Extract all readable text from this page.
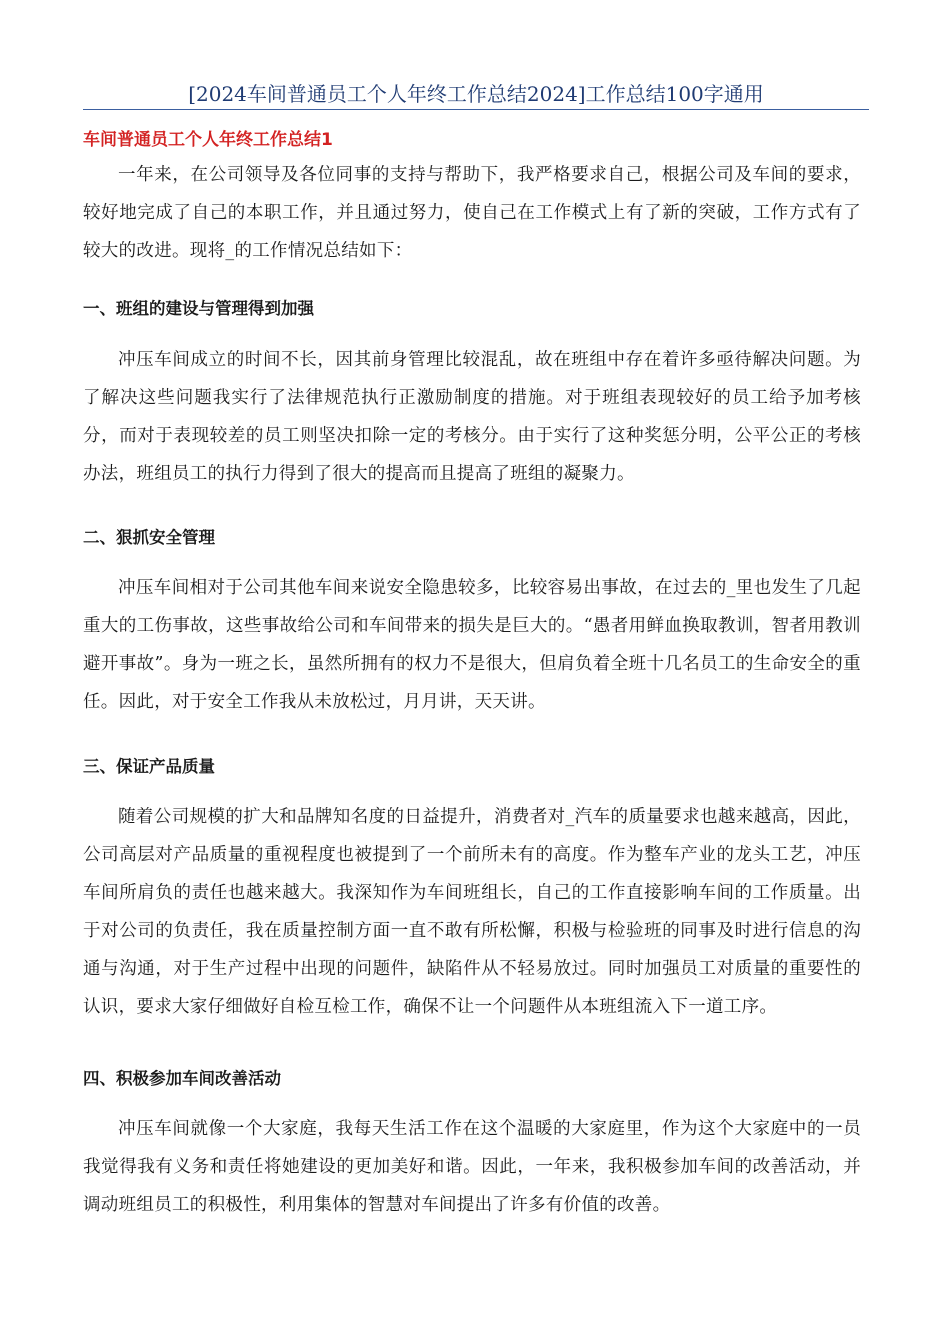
[2024车间普通员工个人年终工作总结2024]工作总结100字通用
车间普通员工个人年终工作总结1

一年来，在公司领导及各位同事的支持与帮助下，我严格要求自己，根据公司及车间的要求，较好地完成了自己的本职工作，并且通过努力，使自己在工作模式上有了新的突破，工作方式有了较大的改进。现将_的工作情况总结如下：

一、班组的建设与管理得到加强

冲压车间成立的时间不长，因其前身管理比较混乱，故在班组中存在着许多亟待解决问题。为了解决这些问题我实行了法律规范执行正激励制度的措施。对于班组表现较好的员工给予加考核分，而对于表现较差的员工则坚决扣除一定的考核分。由于实行了这种奖惩分明，公平公正的考核办法，班组员工的执行力得到了很大的提高而且提高了班组的凝聚力。

二、狠抓安全管理

冲压车间相对于公司其他车间来说安全隐患较多，比较容易出事故，在过去的_里也发生了几起重大的工伤事故，这些事故给公司和车间带来的损失是巨大的。“愚者用鲜血换取教训，智者用教训避开事故”。身为一班之长，虽然所拥有的权力不是很大，但肩负着全班十几名员工的生命安全的重任。因此，对于安全工作我从未放松过，月月讲，天天讲。

三、保证产品质量

随着公司规模的扩大和品牌知名度的日益提升，消费者对_汽车的质量要求也越来越高，因此，公司高层对产品质量的重视程度也被提到了一个前所未有的高度。作为整车产业的龙头工艺，冲压车间所肩负的责任也越来越大。我深知作为车间班组长，自己的工作直接影响车间的工作质量。出于对公司的负责任，我在质量控制方面一直不敢有所松懈，积极与检验班的同事及时进行信息的沟通与沟通，对于生产过程中出现的问题件，缺陷件从不轻易放过。同时加强员工对质量的重要性的认识，要求大家仔细做好自检互检工作，确保不让一个问题件从本班组流入下一道工序。

四、积极参加车间改善活动

冲压车间就像一个大家庭，我每天生活工作在这个温暖的大家庭里，作为这个大家庭中的一员我觉得我有义务和责任将她建设的更加美好和谐。因此，一年来，我积极参加车间的改善活动，并调动班组员工的积极性，利用集体的智慧对车间提出了许多有价值的改善。
